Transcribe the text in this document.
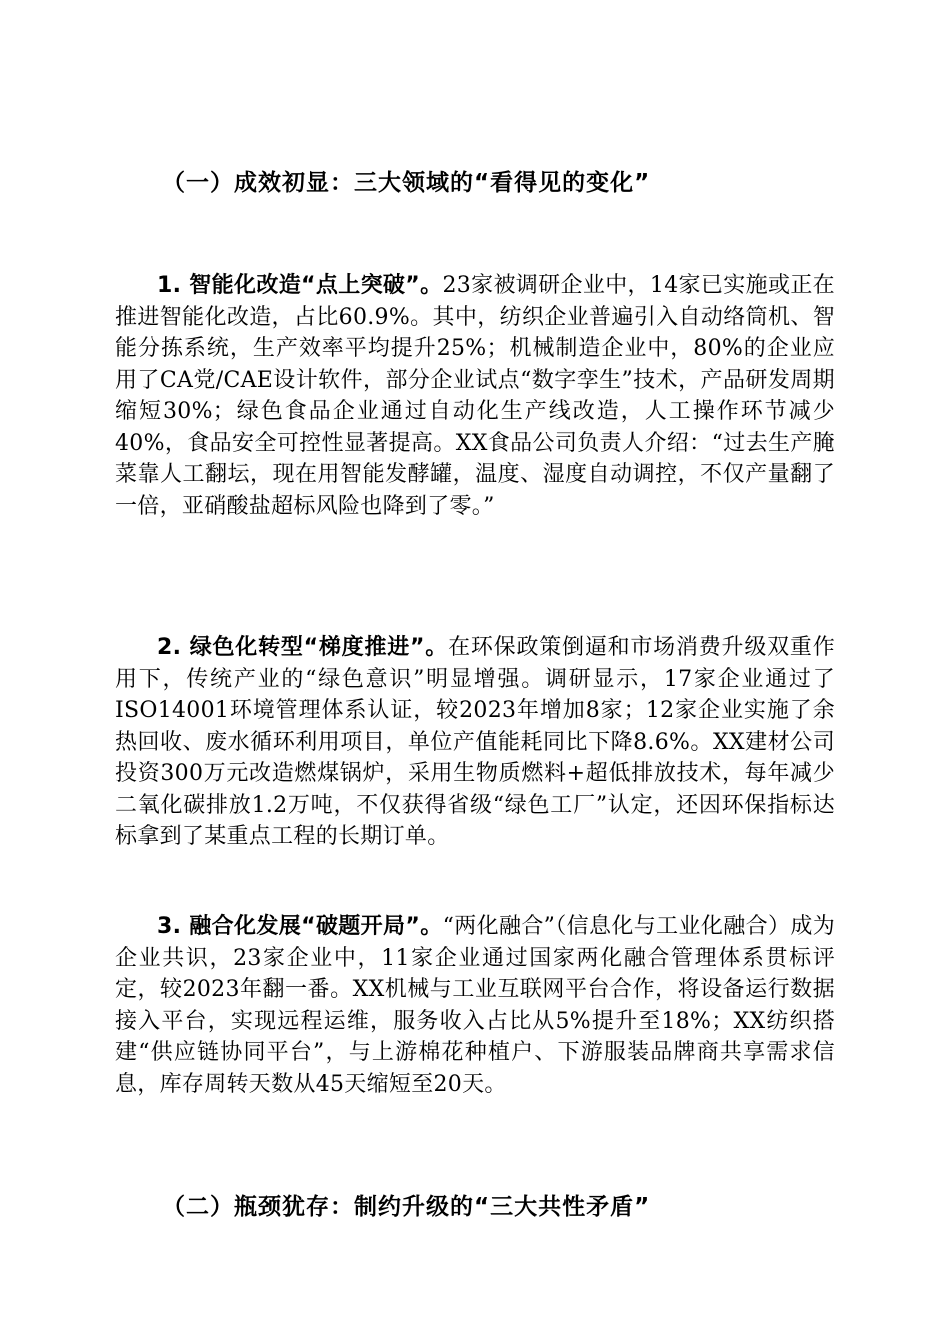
（一）成效初显：三大领域的“看得见的变化”

1. 智能化改造“点上突破”。23家被调研企业中，14家已实施或正在推进智能化改造，占比60.9%。其中，纺织企业普遍引入自动络筒机、智能分拣系统，生产效率平均提升25%；机械制造企业中，80%的企业应用了CA党/CAE设计软件，部分企业试点“数字孪生”技术，产品研发周期缩短30%；绿色食品企业通过自动化生产线改造，人工操作环节减少40%，食品安全可控性显著提高。XX食品公司负责人介绍：“过去生产腌菜靠人工翻坛，现在用智能发酵罐，温度、湿度自动调控，不仅产量翻了一倍，亚硝酸盐超标风险也降到了零。”

2. 绿色化转型“梯度推进”。在环保政策倒逼和市场消费升级双重作用下，传统产业的“绿色意识”明显增强。调研显示，17家企业通过了ISO14001环境管理体系认证，较2023年增加8家；12家企业实施了余热回收、废水循环利用项目，单位产值能耗同比下降8.6%。XX建材公司投资300万元改造燃煤锅炉，采用生物质燃料+超低排放技术，每年减少二氧化碳排放1.2万吨，不仅获得省级“绿色工厂”认定，还因环保指标达标拿到了某重点工程的长期订单。

3. 融合化发展“破题开局”。“两化融合”（信息化与工业化融合）成为企业共识，23家企业中，11家企业通过国家两化融合管理体系贯标评定，较2023年翻一番。XX机械与工业互联网平台合作，将设备运行数据接入平台，实现远程运维，服务收入占比从5%提升至18%；XX纺织搭建“供应链协同平台”，与上游棉花种植户、下游服装品牌商共享需求信息，库存周转天数从45天缩短至20天。

（二）瓶颈犹存：制约升级的“三大共性矛盾”
